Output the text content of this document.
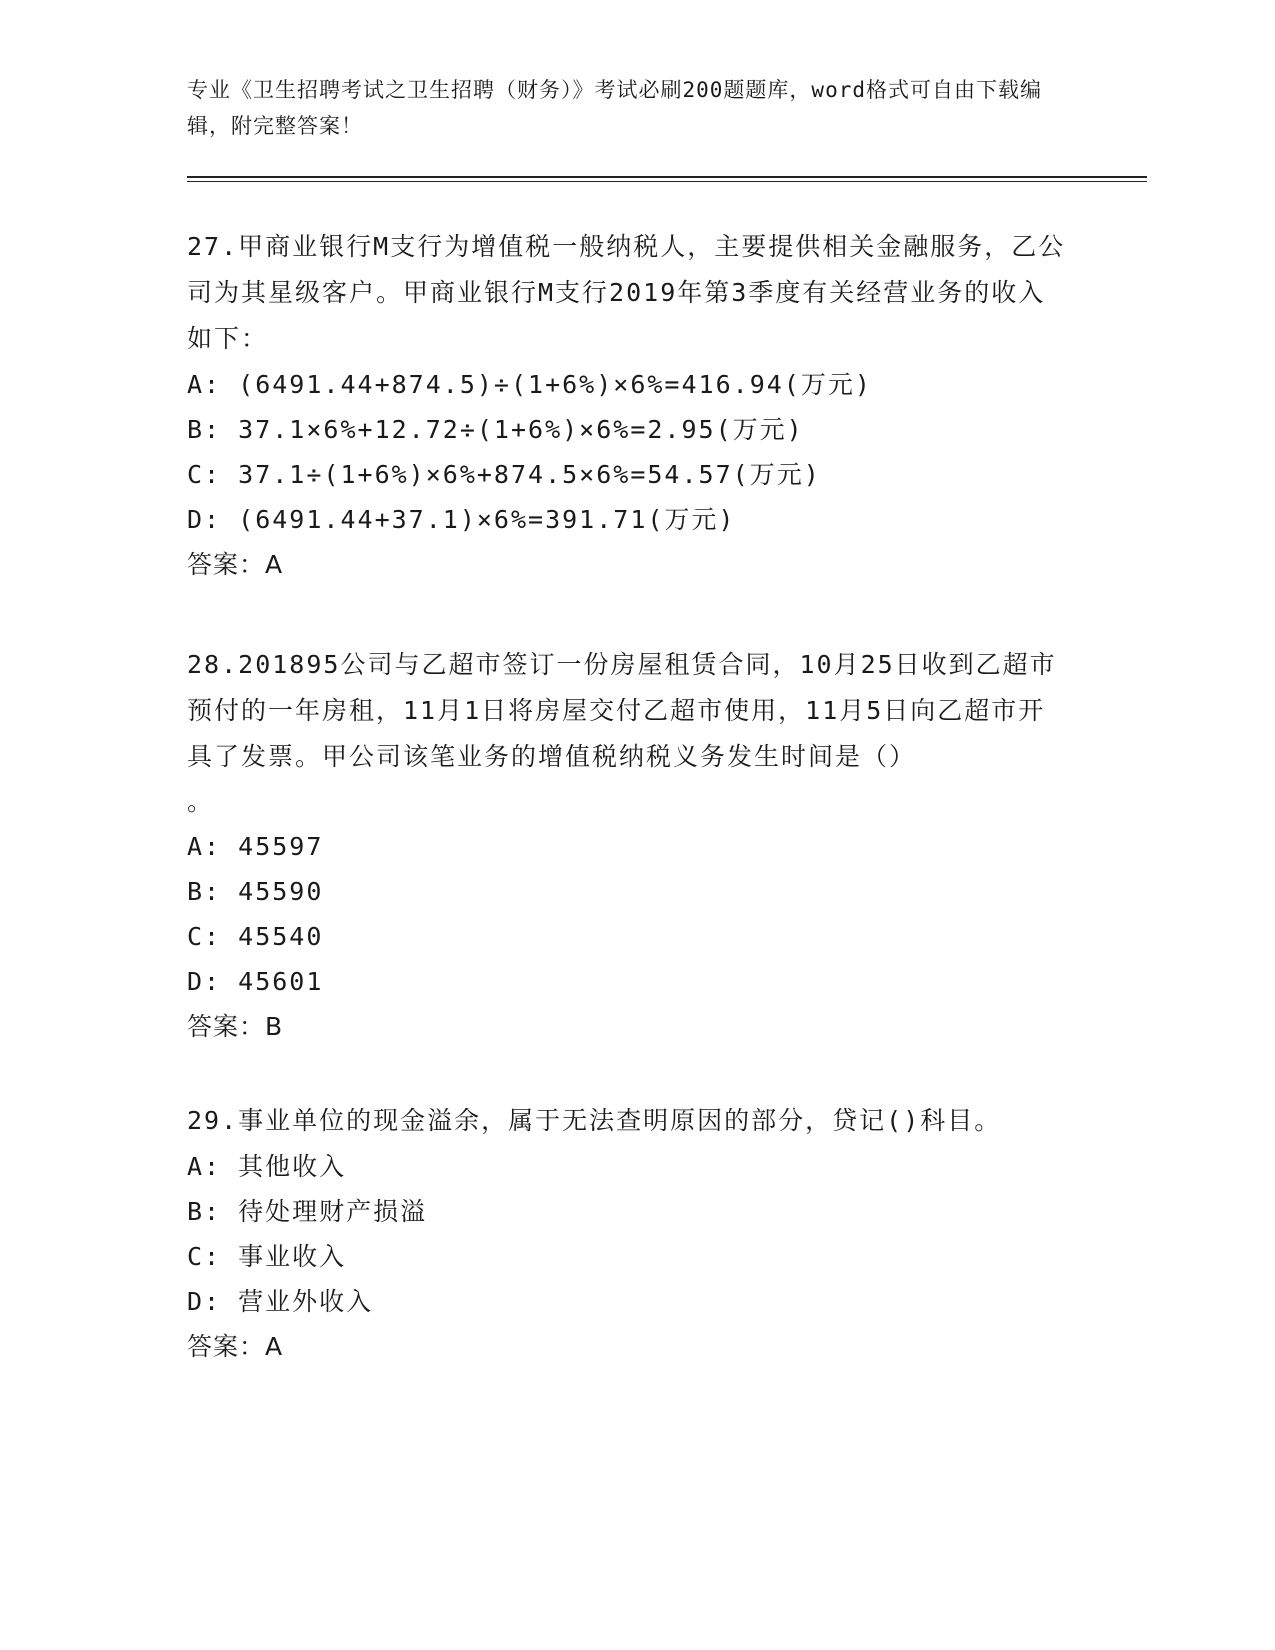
专业《卫生招聘考试之卫生招聘（财务）》考试必刷200题题库，word格式可自由下载编辑，附完整答案！
27.甲商业银行M支行为增值税一般纳税人，主要提供相关金融服务，乙公司为其星级客户。甲商业银行M支行2019年第3季度有关经营业务的收入如下：
A: (6491.44+874.5)÷(1+6%)×6%=416.94(万元)
B: 37.1×6%+12.72÷(1+6%)×6%=2.95(万元)
C: 37.1÷(1+6%)×6%+874.5×6%=54.57(万元)
D: (6491.44+37.1)×6%=391.71(万元)
答案：A
28.201895公司与乙超市签订一份房屋租赁合同，10月25日收到乙超市预付的一年房租，11月1日将房屋交付乙超市使用，11月5日向乙超市开具了发票。甲公司该笔业务的增值税纳税义务发生时间是（）
。
A: 45597
B: 45590
C: 45540
D: 45601
答案：B
29.事业单位的现金溢余，属于无法查明原因的部分，贷记()科目。
A: 其他收入
B: 待处理财产损溢
C: 事业收入
D: 营业外收入
答案：A
